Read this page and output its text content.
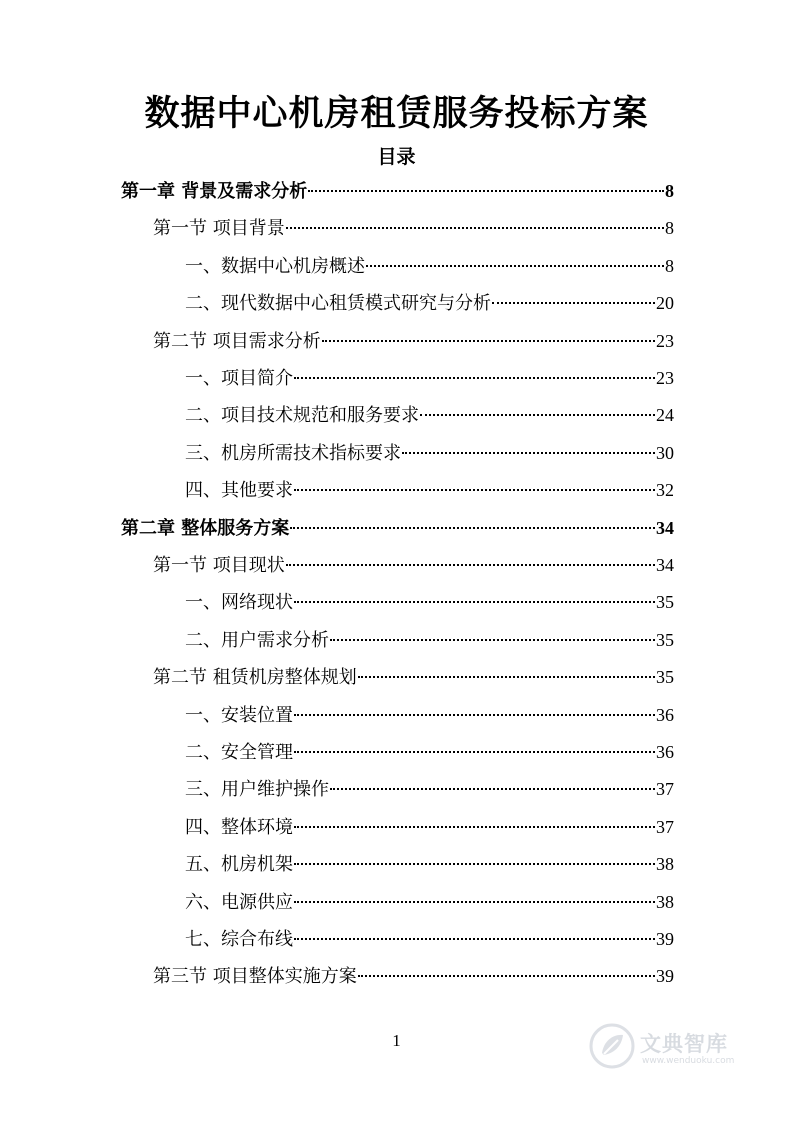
数据中心机房租赁服务投标方案
目录
第一章 背景及需求分析	8
第一节 项目背景	8
一、数据中心机房概述	8
二、现代数据中心租赁模式研究与分析	20
第二节 项目需求分析	23
一、项目简介	23
二、项目技术规范和服务要求	24
三、机房所需技术指标要求	30
四、其他要求	32
第二章 整体服务方案	34
第一节 项目现状	34
一、网络现状	35
二、用户需求分析	35
第二节 租赁机房整体规划	35
一、安装位置	36
二、安全管理	36
三、用户维护操作	37
四、整体环境	37
五、机房机架	38
六、电源供应	38
七、综合布线	39
第三节 项目整体实施方案	39
1	文典智库
www.wenduoku.com
